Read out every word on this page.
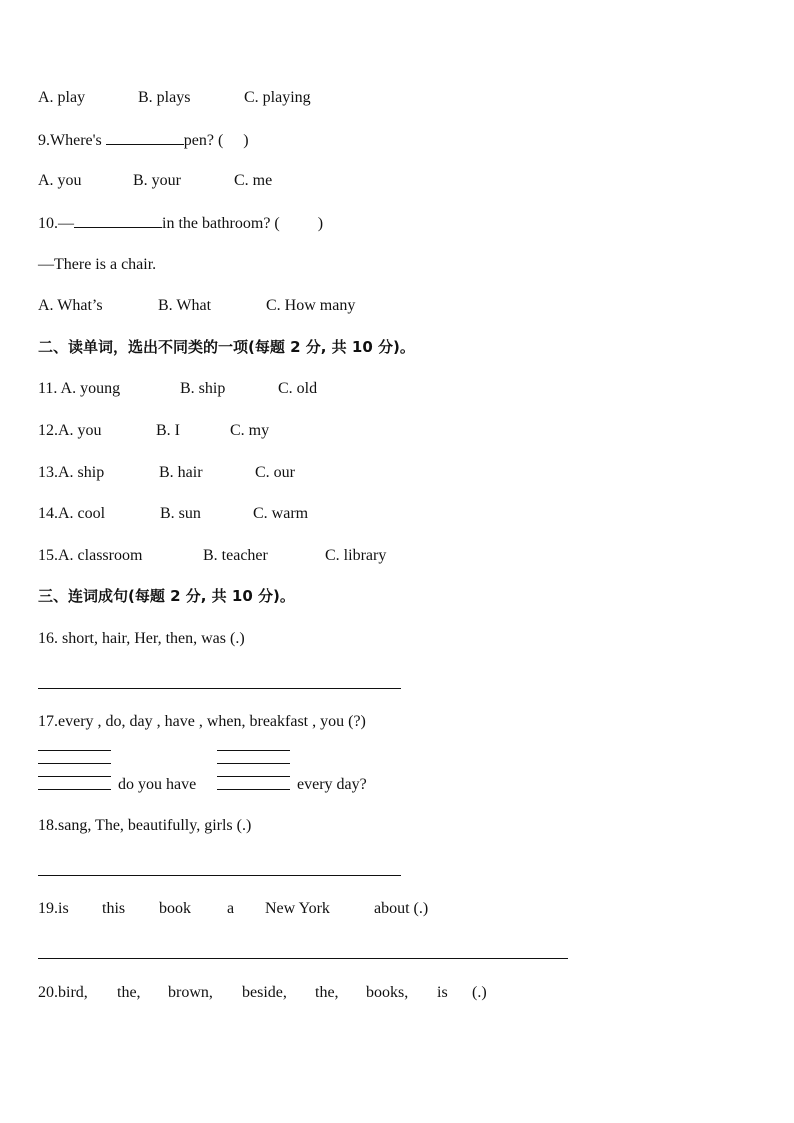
A. play	B. plays	C. playing
9.Where's	pen? ( )
A. you	B. your	C. me
10.—	in the bathroom? ( )
—There is a chair.
A. What’s	B. What	C. How many
二、读单词，选出不同类的一项(每题 2 分, 共 10 分)。
11. A. young	B. ship	C. old
12.A. you	B. I	C. my
13.A. ship	B. hair	C. our
14.A. cool	B. sun	C. warm
15.A. classroom	B. teacher	C. library
三、连词成句(每题 2 分, 共 10 分)。
16. short, hair, Her, then, was (.)
17.every , do, day , have , when, breakfast , you (?)
do you have	every day?
18.sang, The, beautifully, girls (.)
19.is this book a New York	about (.)
20.bird, the, brown, beside, the, books, is (.)
